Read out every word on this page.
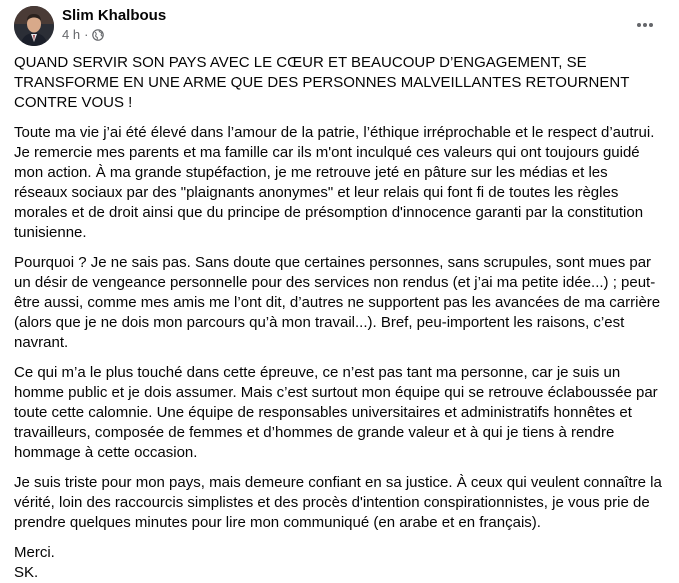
Slim Khalbous
4 h ·

QUAND SERVIR SON PAYS AVEC LE CŒUR ET BEAUCOUP D’ENGAGEMENT, SE
TRANSFORME EN UNE ARME QUE DES PERSONNES MALVEILLANTES RETOURNENT
CONTRE VOUS !

Toute ma vie j’ai été élevé dans l’amour de la patrie, l’éthique irréprochable et le respect d’autrui.
Je remercie mes parents et ma famille car ils m'ont inculqué ces valeurs qui ont toujours guidé
mon action. À ma grande stupéfaction, je me retrouve jeté en pâture sur les médias et les
réseaux sociaux par des "plaignants anonymes" et leur relais qui font fi de toutes les règles
morales et de droit ainsi que du principe de présomption d'innocence garanti par la constitution
tunisienne.

Pourquoi ? Je ne sais pas. Sans doute que certaines personnes, sans scrupules, sont mues par
un désir de vengeance personnelle pour des services non rendus (et j’ai ma petite idée...) ; peut-
être aussi, comme mes amis me l’ont dit, d’autres ne supportent pas les avancées de ma carrière
(alors que je ne dois mon parcours qu’à mon travail...). Bref, peu-importent les raisons, c’est
navrant.

Ce qui m’a le plus touché dans cette épreuve, ce n’est pas tant ma personne, car je suis un
homme public et je dois assumer. Mais c’est surtout mon équipe qui se retrouve éclaboussée par
toute cette calomnie. Une équipe de responsables universitaires et administratifs honnêtes et
travailleurs, composée de femmes et d’hommes de grande valeur et à qui je tiens à rendre
hommage à cette occasion.

Je suis triste pour mon pays, mais demeure confiant en sa justice. À ceux qui veulent connaître la
vérité, loin des raccourcis simplistes et des procès d'intention conspirationnistes, je vous prie de
prendre quelques minutes pour lire mon communiqué (en arabe et en français).

Merci.

SK.
